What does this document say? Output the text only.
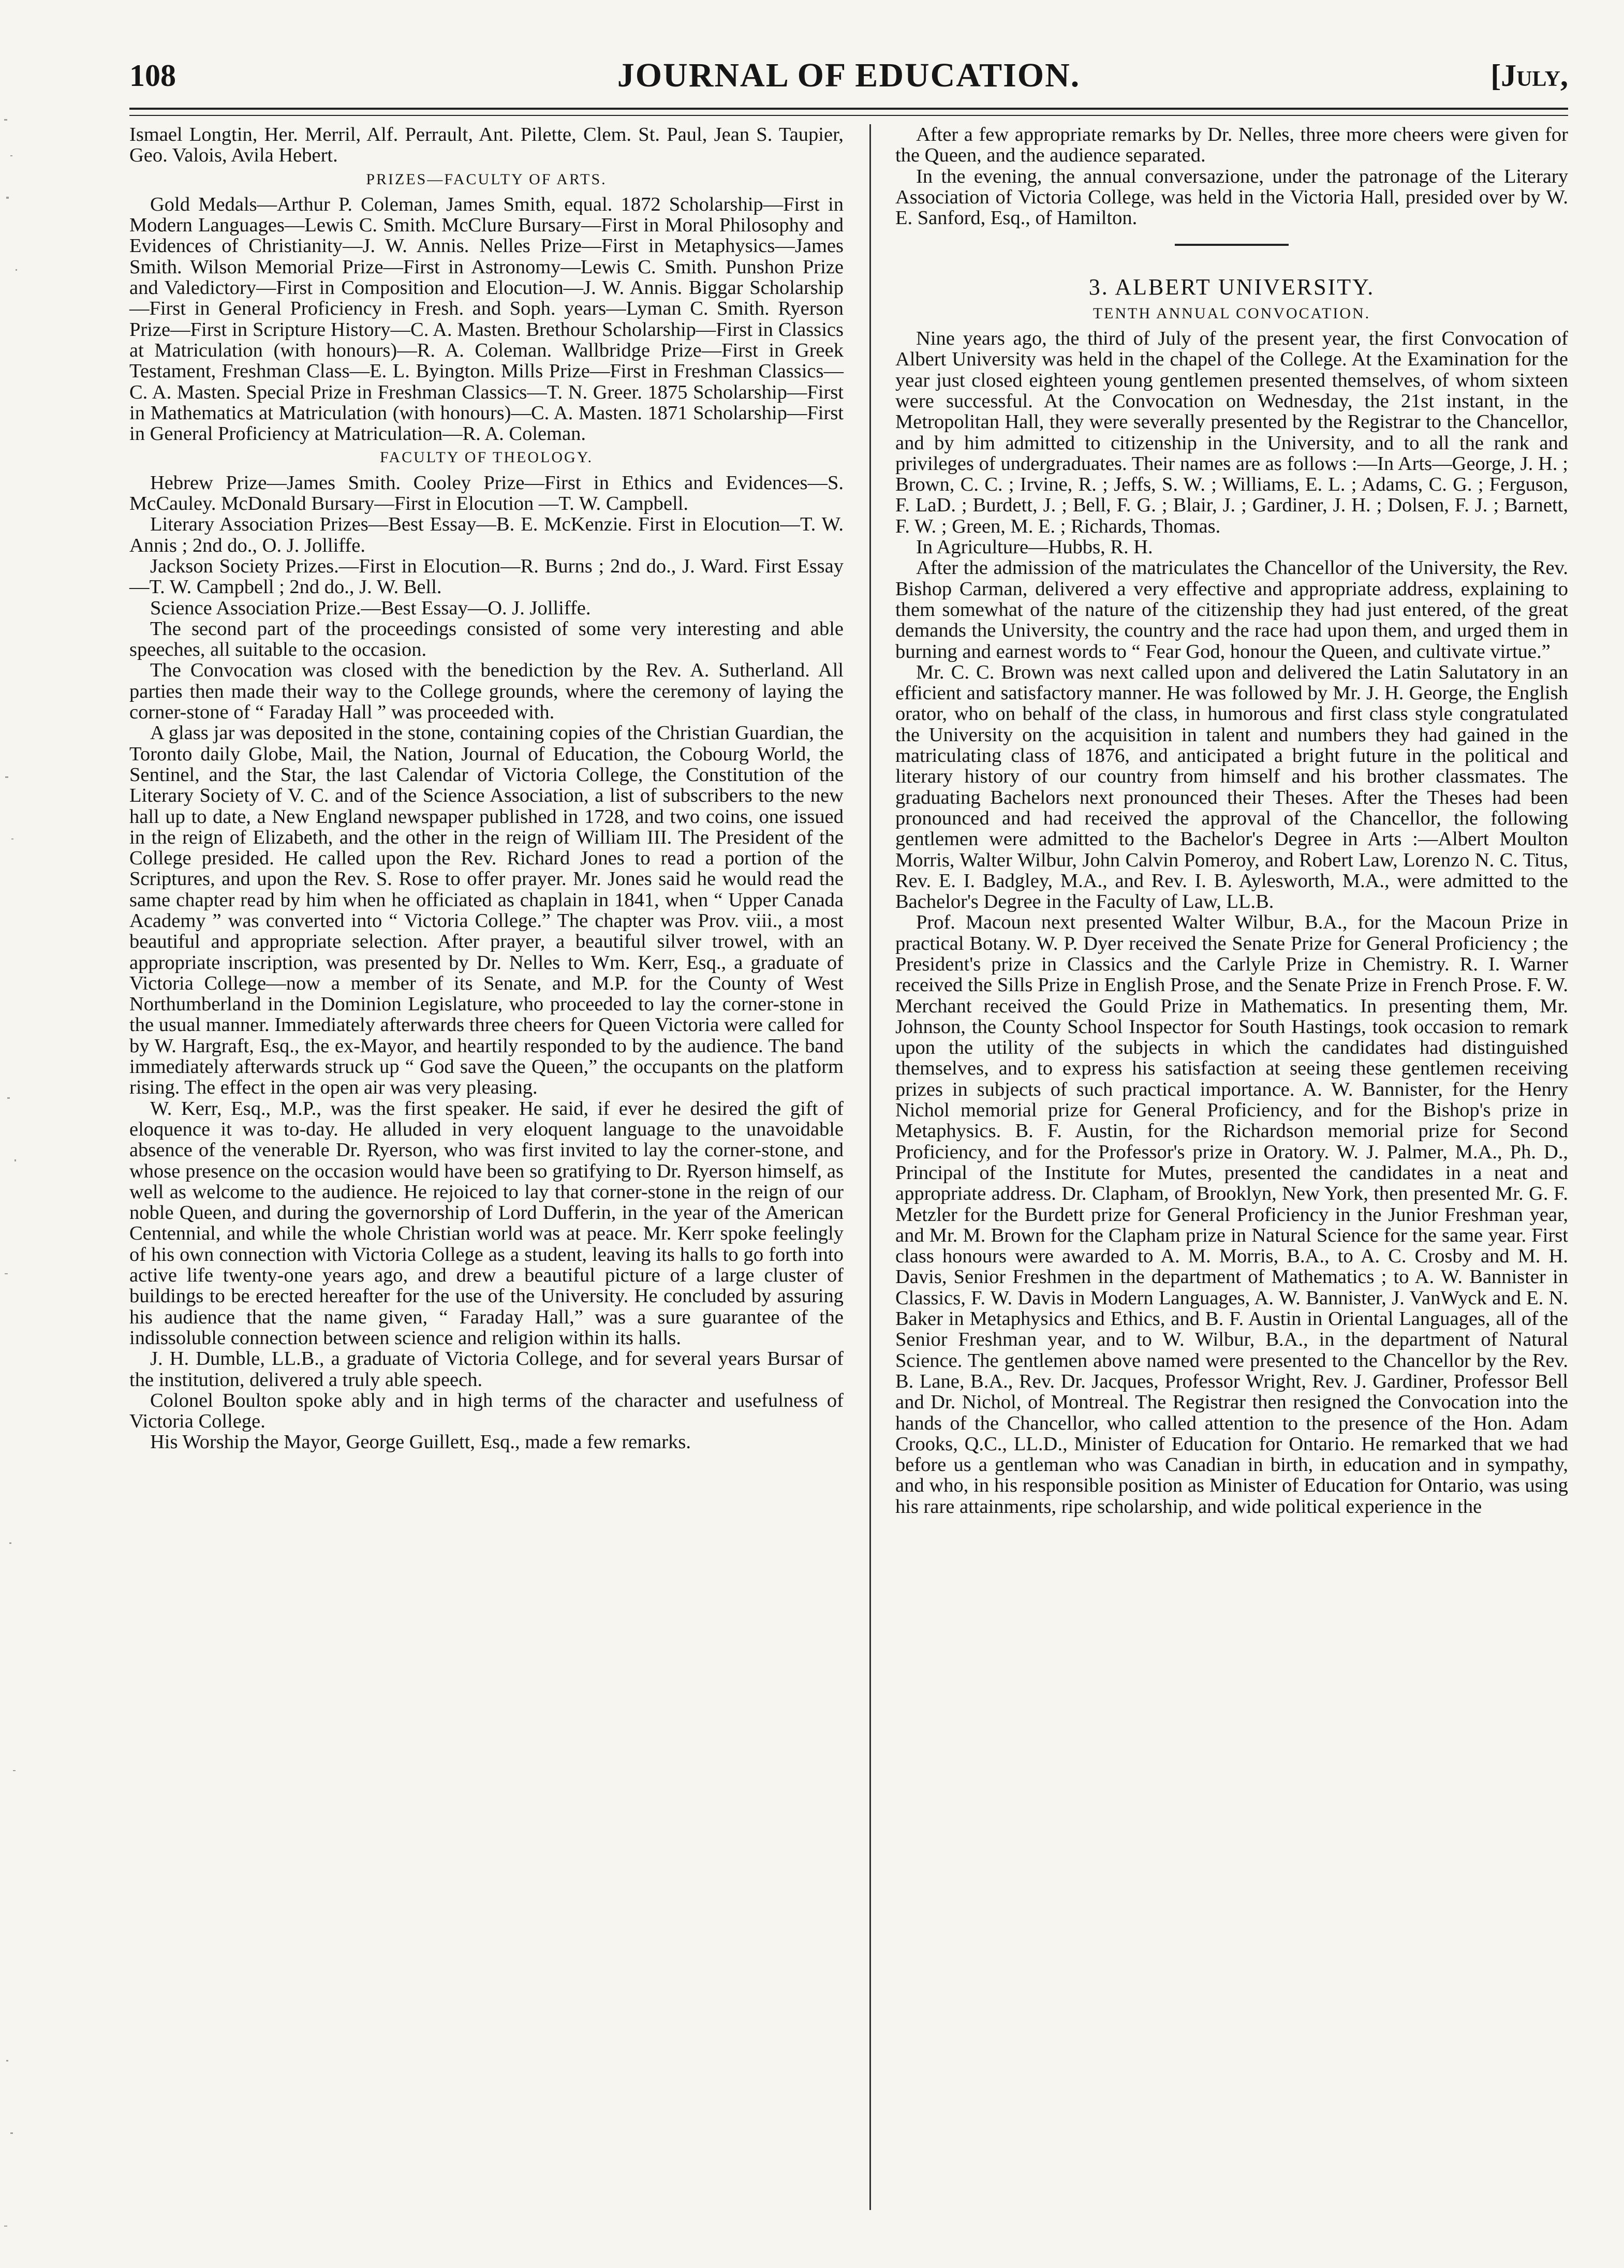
108	JOURNAL OF EDUCATION.	[July,

Ismael Longtin, Her. Merril, Alf. Perrault, Ant. Pilette, Clem. St. Paul, Jean S. Taupier, Geo. Valois, Avila Hebert.

PRIZES—FACULTY OF ARTS.

Gold Medals—Arthur P. Coleman, James Smith, equal. 1872 Scholarship—First in Modern Languages—Lewis C. Smith. McClure Bursary—First in Moral Philosophy and Evidences of Christianity—J. W. Annis. Nelles Prize—First in Metaphysics—James Smith. Wilson Memorial Prize—First in Astronomy—Lewis C. Smith. Punshon Prize and Valedictory—First in Composition and Elocution—J. W. Annis. Biggar Scholarship—First in General Proficiency in Fresh. and Soph. years—Lyman C. Smith. Ryerson Prize—First in Scripture History—C. A. Masten. Brethour Scholarship—First in Classics at Matriculation (with honours)—R. A. Coleman. Wallbridge Prize—First in Greek Testament, Freshman Class—E. L. Byington. Mills Prize—First in Freshman Classics—C. A. Masten. Special Prize in Freshman Classics—T. N. Greer. 1875 Scholarship—First in Mathematics at Matriculation (with honours)—C. A. Masten. 1871 Scholarship—First in General Proficiency at Matriculation—R. A. Coleman.

FACULTY OF THEOLOGY.

Hebrew Prize—James Smith. Cooley Prize—First in Ethics and Evidences—S. McCauley. McDonald Bursary—First in Elocution —T. W. Campbell.

Literary Association Prizes—Best Essay—B. E. McKenzie. First in Elocution—T. W. Annis ; 2nd do., O. J. Jolliffe.

Jackson Society Prizes.—First in Elocution—R. Burns ; 2nd do., J. Ward. First Essay—T. W. Campbell ; 2nd do., J. W. Bell.

Science Association Prize.—Best Essay—O. J. Jolliffe.

The second part of the proceedings consisted of some very interesting and able speeches, all suitable to the occasion.

The Convocation was closed with the benediction by the Rev. A. Sutherland. All parties then made their way to the College grounds, where the ceremony of laying the corner-stone of “ Faraday Hall ” was proceeded with.

A glass jar was deposited in the stone, containing copies of the Christian Guardian, the Toronto daily Globe, Mail, the Nation, Journal of Education, the Cobourg World, the Sentinel, and the Star, the last Calendar of Victoria College, the Constitution of the Literary Society of V. C. and of the Science Association, a list of subscribers to the new hall up to date, a New England newspaper published in 1728, and two coins, one issued in the reign of Elizabeth, and the other in the reign of William III. The President of the College presided. He called upon the Rev. Richard Jones to read a portion of the Scriptures, and upon the Rev. S. Rose to offer prayer. Mr. Jones said he would read the same chapter read by him when he officiated as chaplain in 1841, when “ Upper Canada Academy ” was converted into “ Victoria College.” The chapter was Prov. viii., a most beautiful and appropriate selection. After prayer, a beautiful silver trowel, with an appropriate inscription, was presented by Dr. Nelles to Wm. Kerr, Esq., a graduate of Victoria College—now a member of its Senate, and M.P. for the County of West Northumberland in the Dominion Legislature, who proceeded to lay the corner-stone in the usual manner. Immediately afterwards three cheers for Queen Victoria were called for by W. Hargraft, Esq., the ex-Mayor, and heartily responded to by the audience. The band immediately afterwards struck up “ God save the Queen,” the occupants on the platform rising. The effect in the open air was very pleasing.

W. Kerr, Esq., M.P., was the first speaker. He said, if ever he desired the gift of eloquence it was to-day. He alluded in very eloquent language to the unavoidable absence of the venerable Dr. Ryerson, who was first invited to lay the corner-stone, and whose presence on the occasion would have been so gratifying to Dr. Ryerson himself, as well as welcome to the audience. He rejoiced to lay that corner-stone in the reign of our noble Queen, and during the governorship of Lord Dufferin, in the year of the American Centennial, and while the whole Christian world was at peace. Mr. Kerr spoke feelingly of his own connection with Victoria College as a student, leaving its halls to go forth into active life twenty-one years ago, and drew a beautiful picture of a large cluster of buildings to be erected hereafter for the use of the University. He concluded by assuring his audience that the name given, “ Faraday Hall,” was a sure guarantee of the indissoluble connection between science and religion within its halls.

J. H. Dumble, LL.B., a graduate of Victoria College, and for several years Bursar of the institution, delivered a truly able speech.

Colonel Boulton spoke ably and in high terms of the character and usefulness of Victoria College.

His Worship the Mayor, George Guillett, Esq., made a few remarks.

After a few appropriate remarks by Dr. Nelles, three more cheers were given for the Queen, and the audience separated.

In the evening, the annual conversazione, under the patronage of the Literary Association of Victoria College, was held in the Victoria Hall, presided over by W. E. Sanford, Esq., of Hamilton.

3. ALBERT UNIVERSITY.
TENTH ANNUAL CONVOCATION.

Nine years ago, the third of July of the present year, the first Convocation of Albert University was held in the chapel of the College. At the Examination for the year just closed eighteen young gentlemen presented themselves, of whom sixteen were successful. At the Convocation on Wednesday, the 21st instant, in the Metropolitan Hall, they were severally presented by the Registrar to the Chancellor, and by him admitted to citizenship in the University, and to all the rank and privileges of undergraduates. Their names are as follows :—In Arts—George, J. H. ; Brown, C. C. ; Irvine, R. ; Jeffs, S. W. ; Williams, E. L. ; Adams, C. G. ; Ferguson, F. LaD. ; Burdett, J. ; Bell, F. G. ; Blair, J. ; Gardiner, J. H. ; Dolsen, F. J. ; Barnett, F. W. ; Green, M. E. ; Richards, Thomas.

In Agriculture—Hubbs, R. H.

After the admission of the matriculates the Chancellor of the University, the Rev. Bishop Carman, delivered a very effective and appropriate address, explaining to them somewhat of the nature of the citizenship they had just entered, of the great demands the University, the country and the race had upon them, and urged them in burning and earnest words to “ Fear God, honour the Queen, and cultivate virtue.”

Mr. C. C. Brown was next called upon and delivered the Latin Salutatory in an efficient and satisfactory manner. He was followed by Mr. J. H. George, the English orator, who on behalf of the class, in humorous and first class style congratulated the University on the acquisition in talent and numbers they had gained in the matriculating class of 1876, and anticipated a bright future in the political and literary history of our country from himself and his brother classmates. The graduating Bachelors next pronounced their Theses. After the Theses had been pronounced and had received the approval of the Chancellor, the following gentlemen were admitted to the Bachelor's Degree in Arts :—Albert Moulton Morris, Walter Wilbur, John Calvin Pomeroy, and Robert Law, Lorenzo N. C. Titus, Rev. E. I. Badgley, M.A., and Rev. I. B. Aylesworth, M.A., were admitted to the Bachelor's Degree in the Faculty of Law, LL.B.

Prof. Macoun next presented Walter Wilbur, B.A., for the Macoun Prize in practical Botany. W. P. Dyer received the Senate Prize for General Proficiency ; the President's prize in Classics and the Carlyle Prize in Chemistry. R. I. Warner received the Sills Prize in English Prose, and the Senate Prize in French Prose. F. W. Merchant received the Gould Prize in Mathematics. In presenting them, Mr. Johnson, the County School Inspector for South Hastings, took occasion to remark upon the utility of the subjects in which the candidates had distinguished themselves, and to express his satisfaction at seeing these gentlemen receiving prizes in subjects of such practical importance. A. W. Bannister, for the Henry Nichol memorial prize for General Proficiency, and for the Bishop's prize in Metaphysics. B. F. Austin, for the Richardson memorial prize for Second Proficiency, and for the Professor's prize in Oratory. W. J. Palmer, M.A., Ph. D., Principal of the Institute for Mutes, presented the candidates in a neat and appropriate address. Dr. Clapham, of Brooklyn, New York, then presented Mr. G. F. Metzler for the Burdett prize for General Proficiency in the Junior Freshman year, and Mr. M. Brown for the Clapham prize in Natural Science for the same year. First class honours were awarded to A. M. Morris, B.A., to A. C. Crosby and M. H. Davis, Senior Freshmen in the department of Mathematics ; to A. W. Bannister in Classics, F. W. Davis in Modern Languages, A. W. Bannister, J. VanWyck and E. N. Baker in Metaphysics and Ethics, and B. F. Austin in Oriental Languages, all of the Senior Freshman year, and to W. Wilbur, B.A., in the department of Natural Science. The gentlemen above named were presented to the Chancellor by the Rev. B. Lane, B.A., Rev. Dr. Jacques, Professor Wright, Rev. J. Gardiner, Professor Bell and Dr. Nichol, of Montreal. The Registrar then resigned the Convocation into the hands of the Chancellor, who called attention to the presence of the Hon. Adam Crooks, Q.C., LL.D., Minister of Education for Ontario. He remarked that we had before us a gentleman who was Canadian in birth, in education and in sympathy, and who, in his responsible position as Minister of Education for Ontario, was using his rare attainments, ripe scholarship, and wide political experience in the
